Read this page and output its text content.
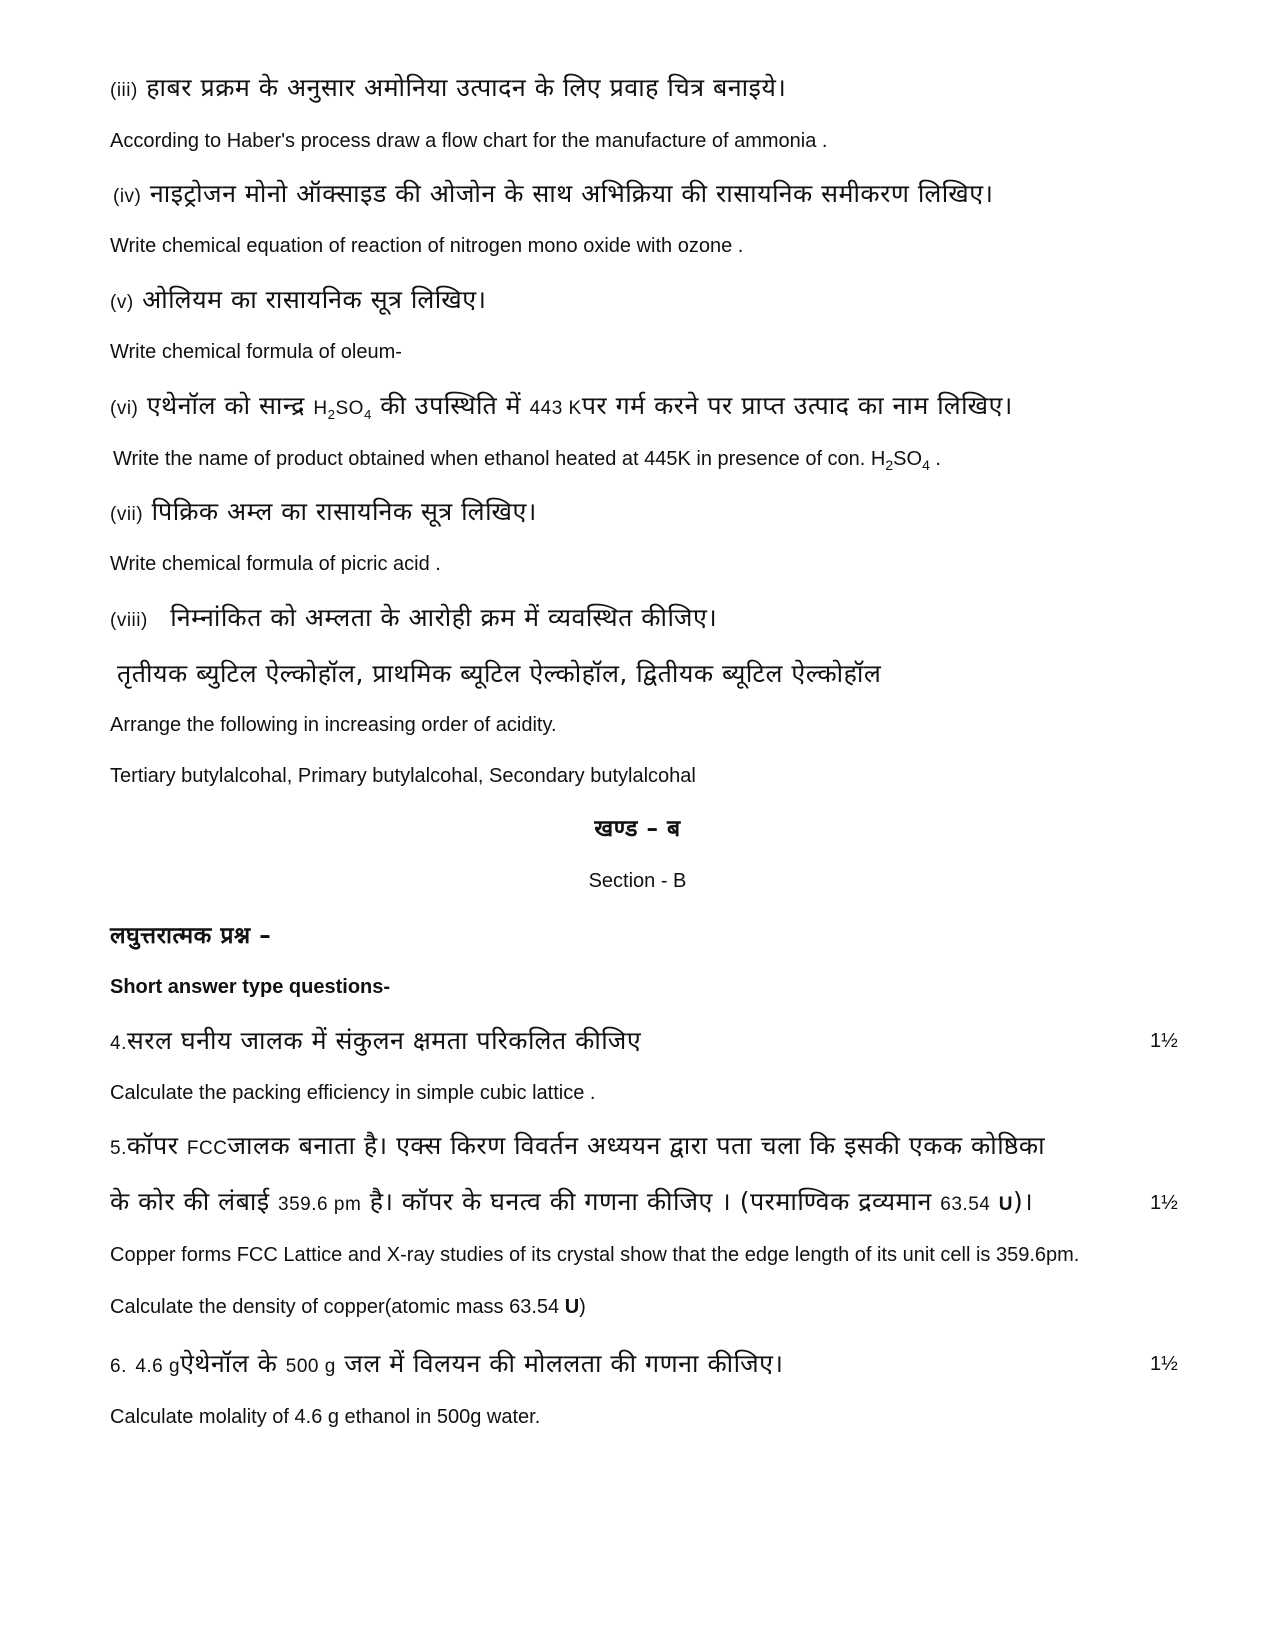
(iii) हाबर प्रक्रम के अनुसार अमोनिया उत्पादन के लिए प्रवाह चित्र बनाइये।
According to Haber's process draw a flow chart for the manufacture of ammonia .
(iv) नाइट्रोजन मोनो ऑक्साइड की ओजोन के साथ अभिक्रिया की रासायनिक समीकरण लिखिए।
Write chemical equation of reaction of nitrogen mono oxide with ozone .
(v) ओलियम का रासायनिक सूत्र लिखिए।
Write chemical formula of oleum-
(vi) एथेनॉल को सान्द्र $H_2SO_4$ की उपस्थिति में 443 Kपर गर्म करने पर प्राप्त उत्पाद का नाम लिखिए।
Write the name of product obtained when ethanol heated at 445K in presence of con. $H_2SO_4$ .
(vii) पिक्रिक अम्ल का रासायनिक सूत्र लिखिए।
Write chemical formula of picric acid .
(viii) निम्नांकित को अम्लता के आरोही क्रम में व्यवस्थित कीजिए।
तृतीयक ब्युटिल ऐल्कोहॉल, प्राथमिक ब्यूटिल ऐल्कोहॉल, द्वितीयक ब्यूटिल ऐल्कोहॉल
Arrange the following in increasing order of acidity.
Tertiary butylalcohal, Primary butylalcohal, Secondary butylalcohal
खण्ड – ब
Section - B
लघुत्तरात्मक प्रश्न –
Short answer type questions-
4.सरल घनीय जालक में संकुलन क्षमता परिकलित कीजिए	1½
Calculate the packing efficiency in simple cubic lattice .
5.कॉपर FCCजालक बनाता है। एक्स किरण विवर्तन अध्ययन द्वारा पता चला कि इसकी एकक कोष्ठिका
के कोर की लंबाई 359.6 pm है। कॉपर के घनत्व की गणना कीजिए । (परमाण्विक द्रव्यमान 63.54 U)।	1½
Copper forms FCC Lattice and X-ray studies of its crystal show that the edge length of its unit cell is 359.6pm.
Calculate the density of copper(atomic mass 63.54 U)
6. 4.6 gऐथेनॉल के 500 g जल में विलयन की मोललता की गणना कीजिए।	1½
Calculate molality of 4.6 g ethanol in 500g water.
